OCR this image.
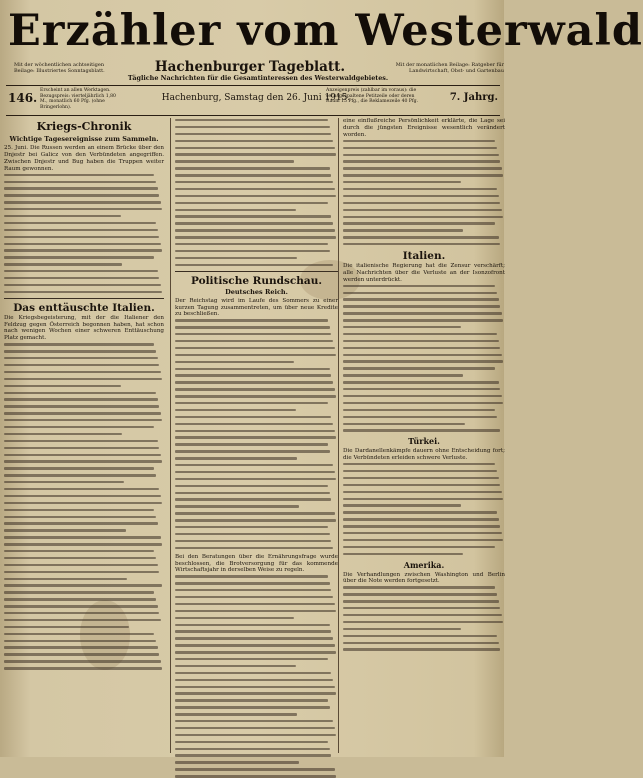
Erzähler vom Westerwald
Mit der wöchentlichen achtseitigen Beilage: Illustriertes Sonntagsblatt.	Hachenburger Tageblatt.	Mit der monatlichen Beilage: Ratgeber für Landwirtschaft, Obst- und Gartenbau
Tägliche Nachrichten für die Gesamtinteressen des Westerwaldgebietes.
146.
Erscheint an allen Werktagen. Bezugspreis: vierteljährlich 1,80 M., monatlich 60 Pfg. (ohne Bringerlohn).
Hachenburg, Samstag den 26. Juni 1915.
Anzeigenpreis (zahlbar im voraus): die sechsgespaltene Petitzeile oder deren Raum 15 Pfg., die Reklamezeile 40 Pfg.	7. Jahrg.
Kriegs-Chronik
Wichtige Tagesereignisse zum Sammeln.

25. Juni. Die Russen werden an einem Brücke über den Dnjestr bei Galicz von den Verbündeten angegriffen. Zwischen Dnjestr und Bug haben die Truppen weiter Raum gewonnen.

Das enttäuschte Italien.

Die Kriegsbegeisterung, mit der die Italiener den Feldzug gegen Österreich begonnen haben, hat schon nach wenigen Wochen einer schweren Enttäuschung Platz gemacht.

Politische Rundschau.
Deutsches Reich.

Der Reichstag wird im Laufe des Sommers zu einer kurzen Tagung zusammentreten, um über neue Kredite zu beschließen.

Bei den Beratungen über die Ernährungsfrage wurde beschlossen, die Brotversorgung für das kommende Wirtschaftsjahr in derselben Weise zu regeln.

eine einflußreiche Persönlichkeit erklärte, die Lage sei durch die jüngsten Ereignisse wesentlich verändert worden.

Italien.

Die italienische Regierung hat die Zensur verschärft; alle Nachrichten über die Verluste an der Isonzofront werden unterdrückt.

Türkei.

Die Dardanellenkämpfe dauern ohne Entscheidung fort; die Verbündeten erleiden schwere Verluste.

Amerika.

Die Verhandlungen zwischen Washington und Berlin über die Note werden fortgesetzt.
